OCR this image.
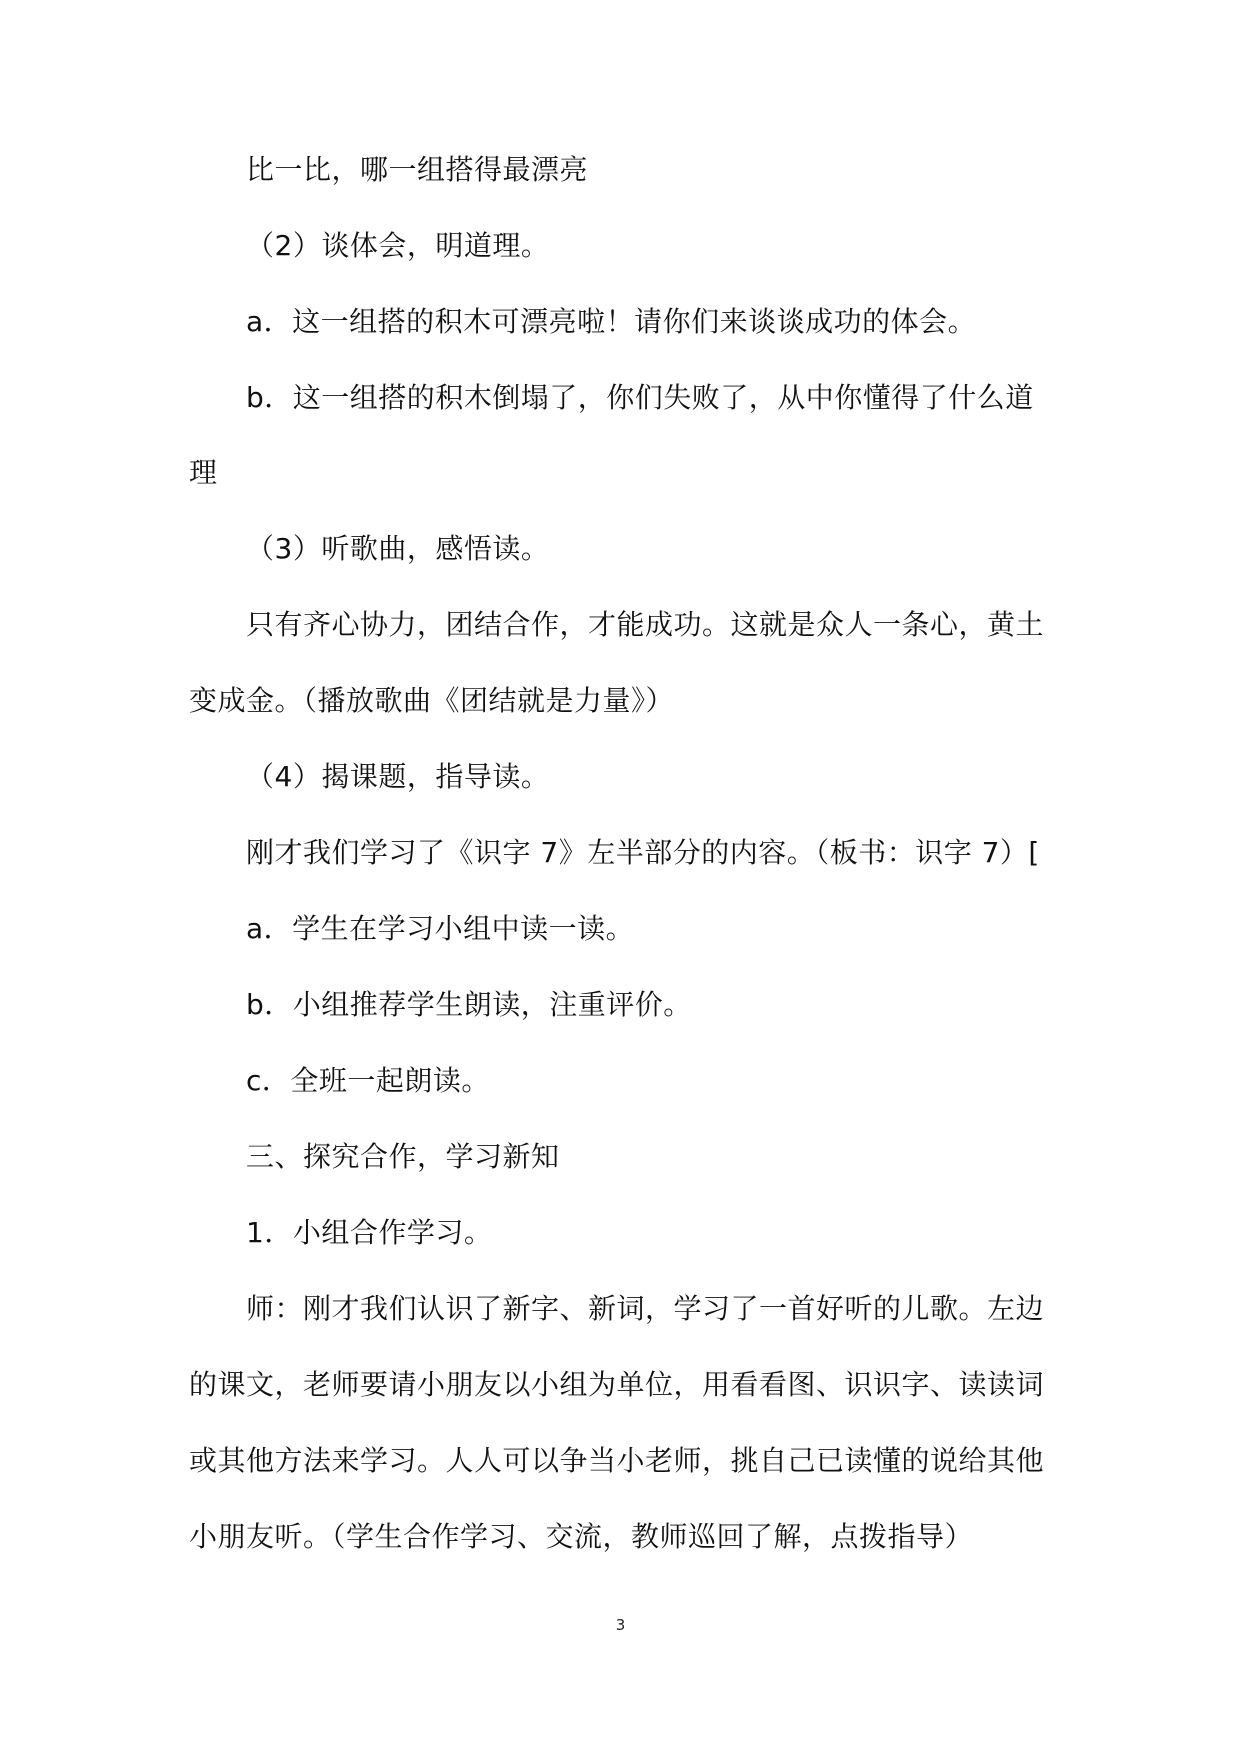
比一比，哪一组搭得最漂亮
（2）谈体会，明道理。
a．这一组搭的积木可漂亮啦！请你们来谈谈成功的体会。
b．这一组搭的积木倒塌了，你们失败了，从中你懂得了什么道
理
（3）听歌曲，感悟读。
只有齐心协力，团结合作，才能成功。这就是众人一条心，黄土
变成金。（播放歌曲《团结就是力量》）
（4）揭课题，指导读。
刚才我们学习了《识字 7》左半部分的内容。（板书：识字 7）[
a．学生在学习小组中读一读。
b．小组推荐学生朗读，注重评价。
c．全班一起朗读。
三、探究合作，学习新知
1．小组合作学习。
师：刚才我们认识了新字、新词，学习了一首好听的儿歌。左边
的课文，老师要请小朋友以小组为单位，用看看图、识识字、读读词
或其他方法来学习。人人可以争当小老师，挑自己已读懂的说给其他
小朋友听。（学生合作学习、交流，教师巡回了解，点拨指导）
3
